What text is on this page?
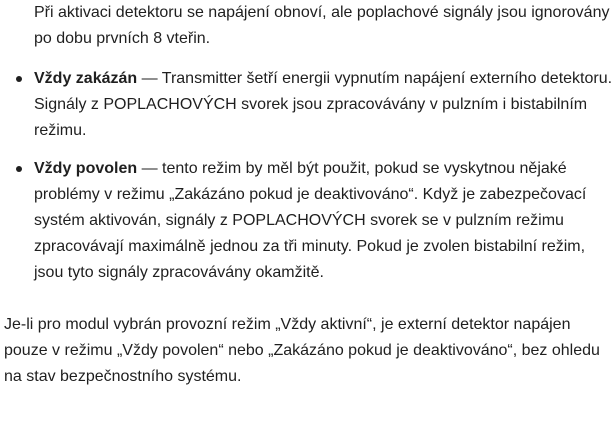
Při aktivaci detektoru se napájení obnoví, ale poplachové signály jsou ignorovány po dobu prvních 8 vteřin.

Vždy zakázán — Transmitter šetří energii vypnutím napájení externího detektoru. Signály z POPLACHOVÝCH svorek jsou zpracovávány v pulzním i bistabilním režimu.
Vždy povolen — tento režim by měl být použit, pokud se vyskytnou nějaké problémy v režimu „Zakázáno pokud je deaktivováno“. Když je zabezpečovací systém aktivován, signály z POPLACHOVÝCH svorek se v pulzním režimu zpracovávají maximálně jednou za tři minuty. Pokud je zvolen bistabilní režim, jsou tyto signály zpracovávány okamžitě.

Je-li pro modul vybrán provozní režim „Vždy aktivní“, je externí detektor napájen pouze v režimu „Vždy povolen“ nebo „Zakázáno pokud je deaktivováno“, bez ohledu na stav bezpečnostního systému.
